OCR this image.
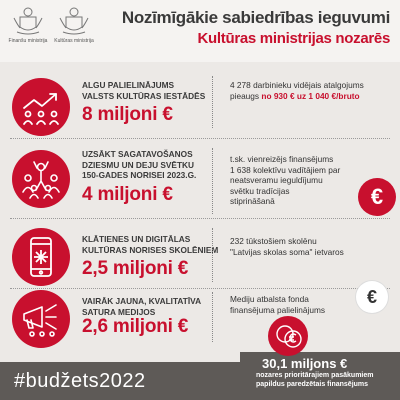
Finanšu ministrija	Kultūras ministrija
Nozīmīgākie sabiedrības ieguvumi
Kultūras ministrijas nozarēs
ALGU PALIELINĀJUMS
VALSTS KULTŪRAS IESTĀDĒS
8 miljoni €
4 278 darbinieku vidējais atalgojums
pieaugs no 930 € uz 1 040 €/bruto
UZSĀKT SAGATAVOŠANOS
DZIESMU UN DEJU SVĒTKU
150-GADES NORISEI 2023.G.
4 miljoni €
t.sk. vienreizējs finansējums
1 638 kolektīvu vadītājiem par
neatsveramu ieguldījumu
svētku tradīcijas
stiprināšanā	€
KLĀTIENES UN DIGITĀLAS
KULTŪRAS NORISES SKOLĒNIEM
2,5 miljoni €
232 tūkstošiem skolēnu
"Latvijas skolas soma" ietvaros
VAIRĀK JAUNA, KVALITATĪVA
SATURA MEDIJOS
2,6 miljoni €
Mediju atbalsta fonda
finansējuma palielinājums
€
#budžets2022
30,1 miljons €
nozares prioritārajiem pasākumiem
papildus paredzētais finansējums
